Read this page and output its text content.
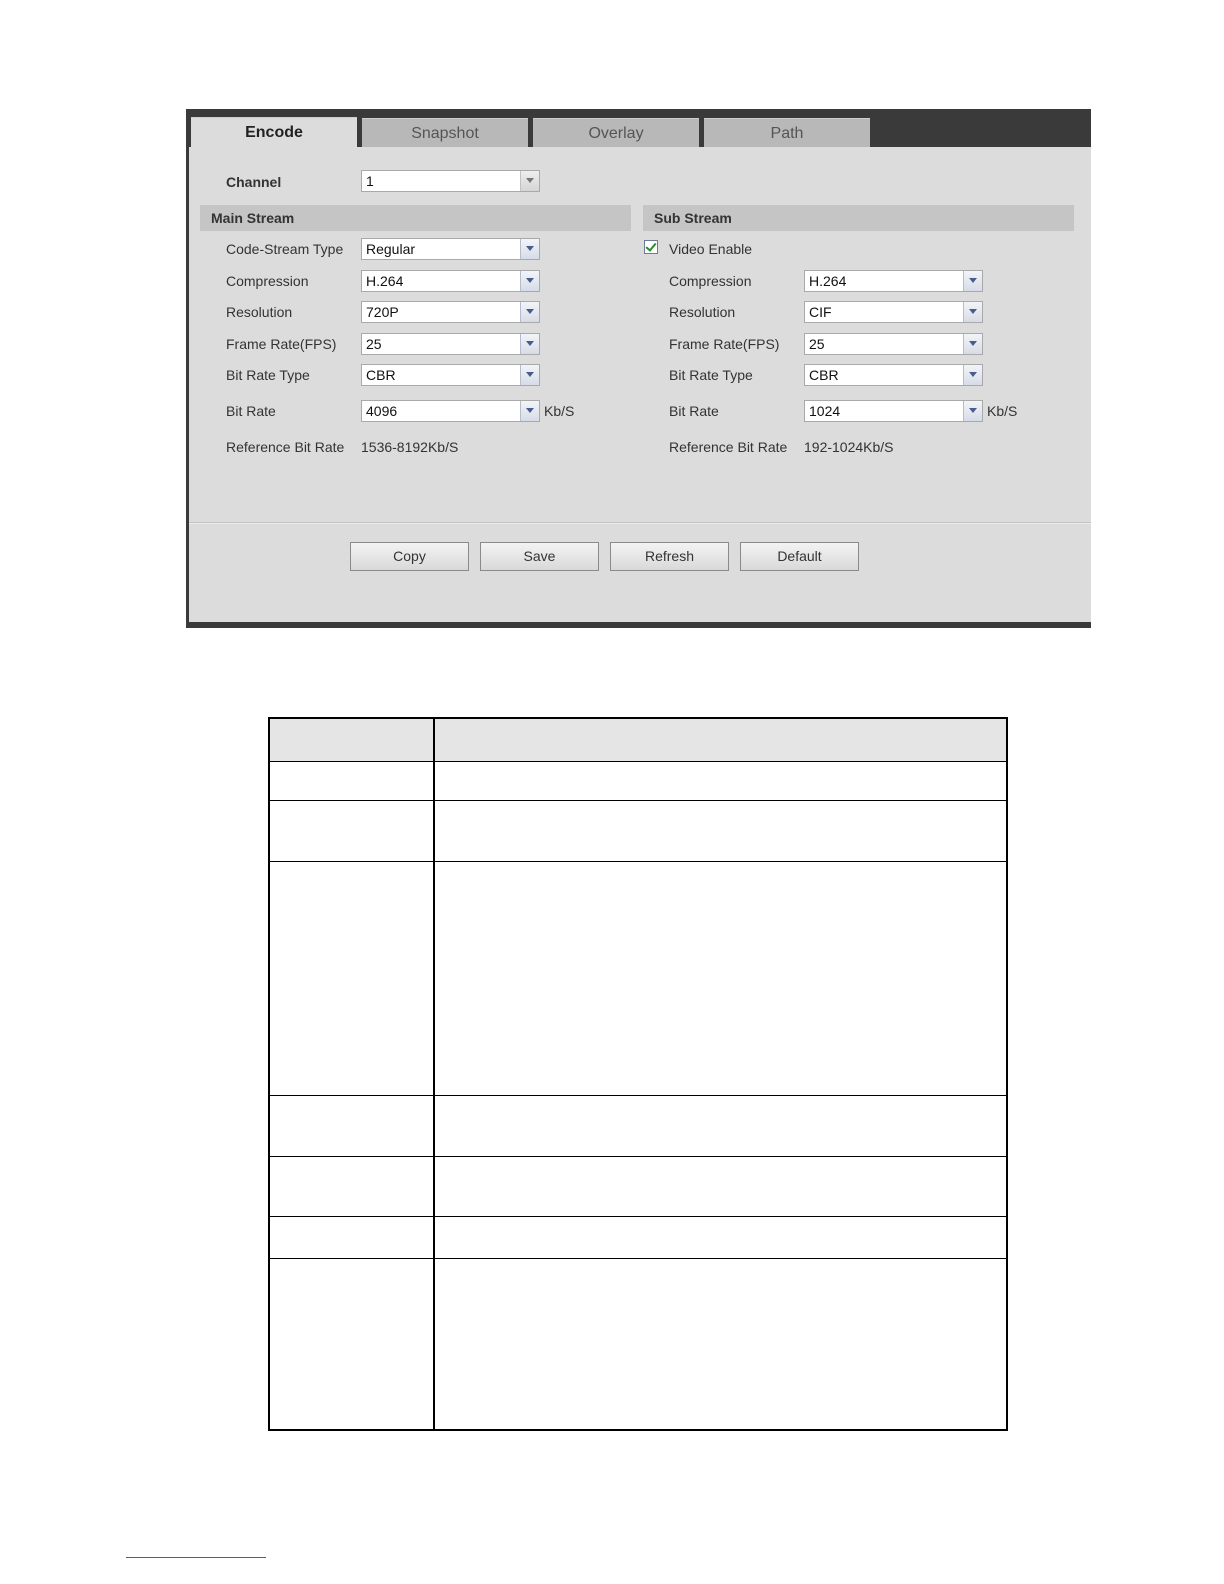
Encode	Snapshot	Overlay	Path
Channel	1
Main Stream	Sub Stream
Code-Stream Type	Regular
Compression	H.264
Resolution	720P
Frame Rate(FPS)	25
Bit Rate Type	CBR
Bit Rate	4096	Kb/S
Reference Bit Rate 1536-8192Kb/S
Video Enable
Compression	H.264
Resolution	CIF
Frame Rate(FPS)	25
Bit Rate Type	CBR
Bit Rate	1024	Kb/S
Reference Bit Rate 192-1024Kb/S
Copy	Save	Refresh	Default
